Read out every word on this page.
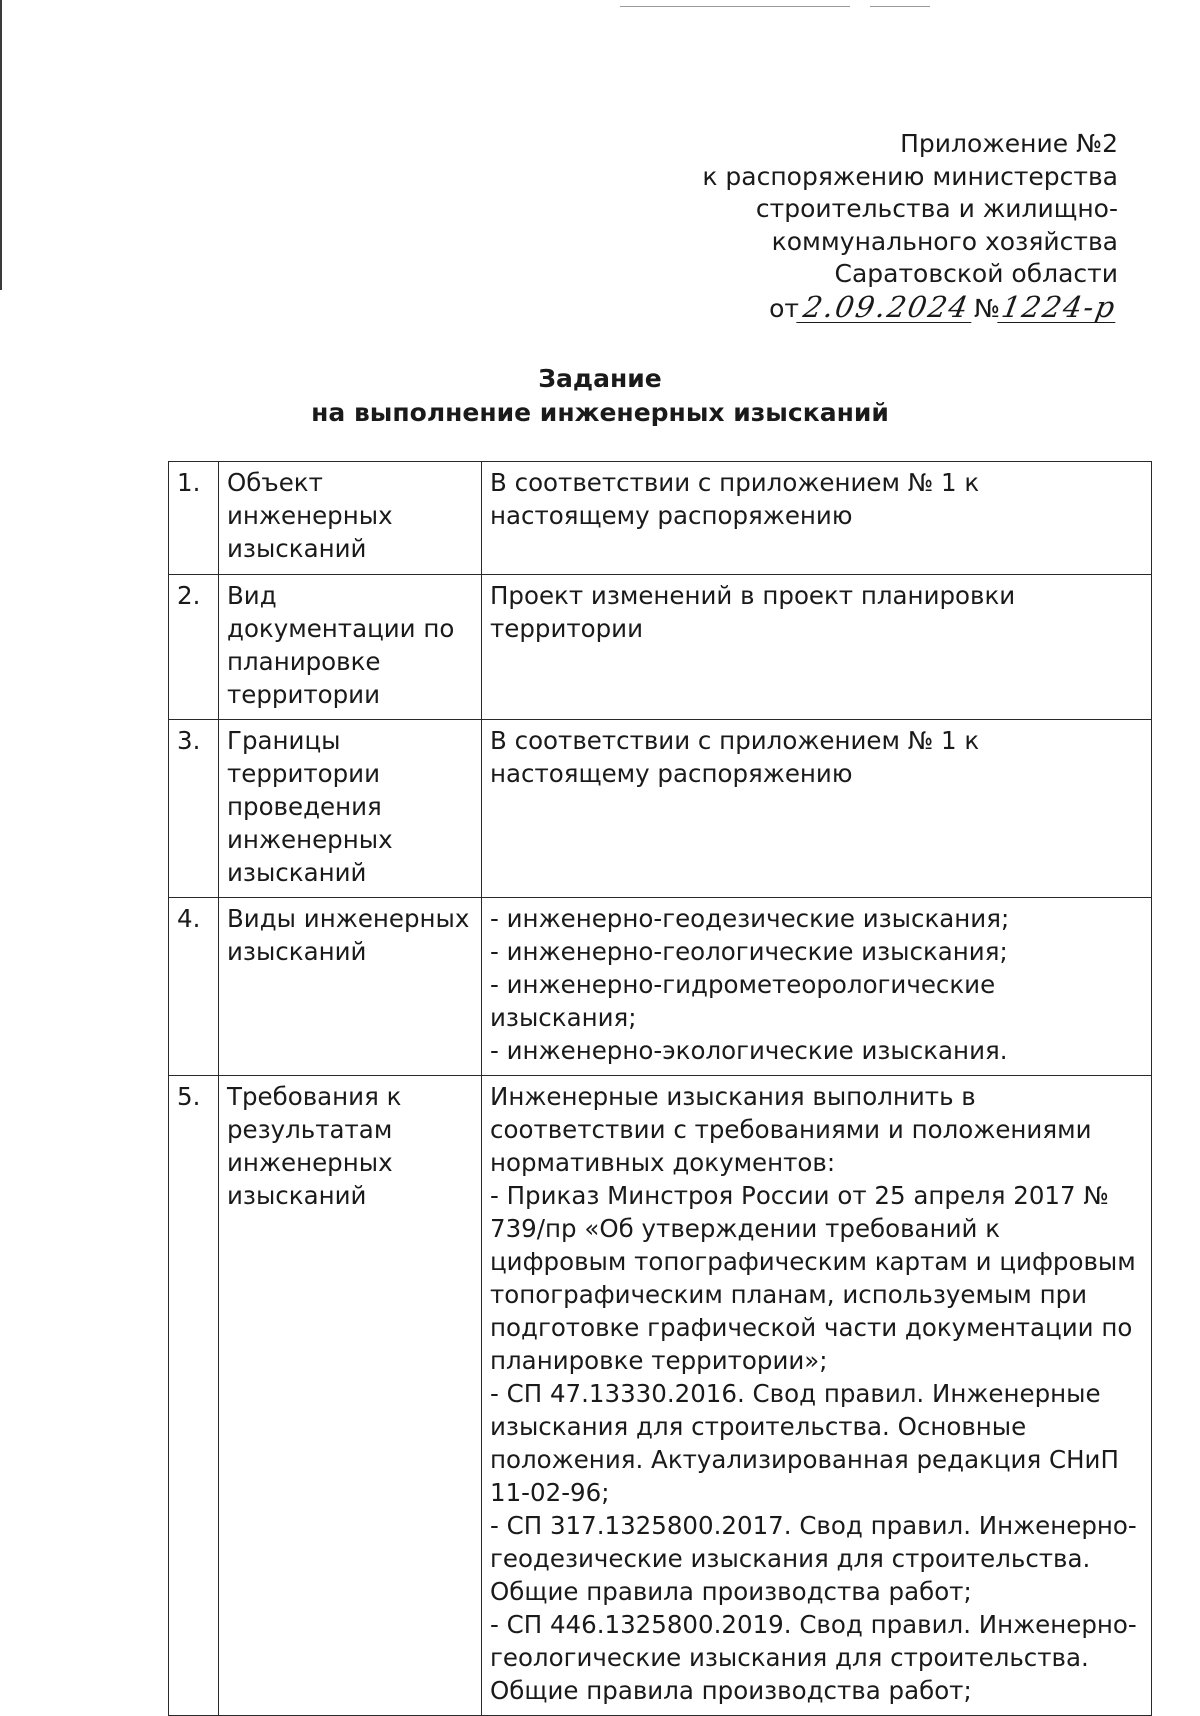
Приложение №2
к распоряжению министерства
строительства и жилищно-
коммунального хозяйства
Саратовской области
от2.09.2024№1224-р
Задание
на выполнение инженерных изысканий
1.	Объект инженерных изысканий	В соответствии с приложением № 1 к настоящему распоряжению

2.	Вид документации по планировке территории	Проект изменений в проект планировки территории

3.	Границы территории проведения инженерных изысканий	В соответствии с приложением № 1 к настоящему распоряжению

4.	Виды инженерных изысканий	- инженерно-геодезические изыскания;
- инженерно-геологические изыскания;
- инженерно-гидрометеорологические изыскания;
- инженерно-экологические изыскания.

5.	Требования к результатам инженерных изысканий	Инженерные изыскания выполнить в соответствии с требованиями и положениями нормативных документов:
- Приказ Минстроя России от 25 апреля 2017 № 739/пр «Об утверждении требований к цифровым топографическим картам и цифровым топографическим планам, используемым при подготовке графической части документации по планировке территории»;
- СП 47.13330.2016. Свод правил. Инженерные изыскания для строительства. Основные положения. Актуализированная редакция СНиП 11-02-96;
- СП 317.1325800.2017. Свод правил. Инженерно-геодезические изыскания для строительства. Общие правила производства работ;
- СП 446.1325800.2019. Свод правил. Инженерно-геологические изыскания для строительства. Общие правила производства работ;
